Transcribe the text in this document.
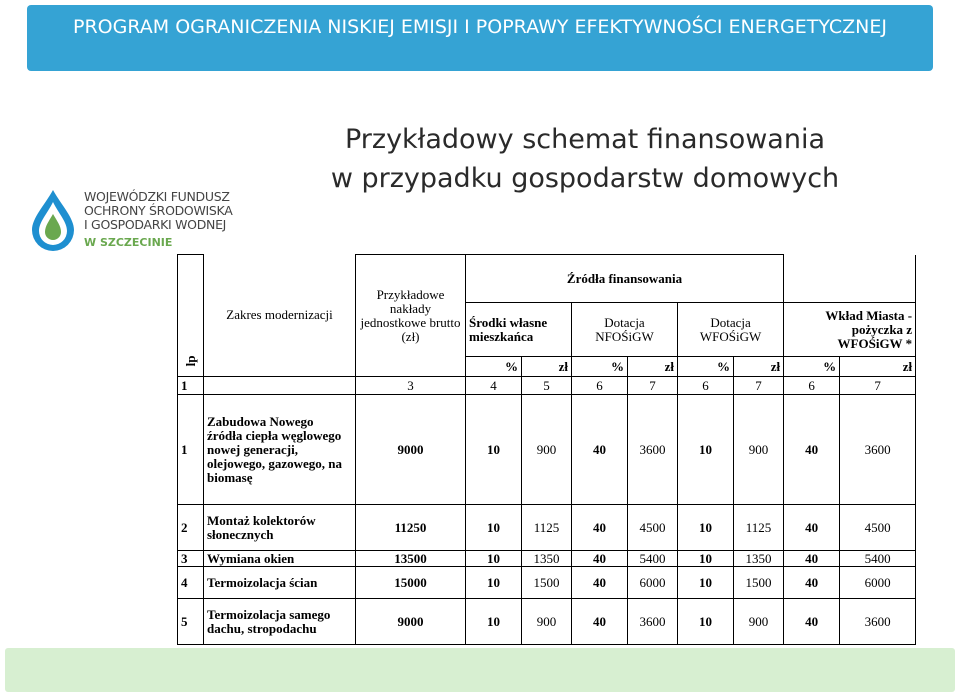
PROGRAM OGRANICZENIA NISKIEJ EMISJI I POPRAWY EFEKTYWNOŚCI ENERGETYCZNEJ
Przykładowy schemat finansowania
w przypadku gospodarstw domowych
WOJEWÓDZKI FUNDUSZ
OCHRONY ŚRODOWISKA
I GOSPODARKI WODNEJ
W SZCZECINIE
lp	Zakres modernizacji	Przykładowe nakłady jednostkowe brutto (zł)	Źródła finansowania							
			Środki własne mieszkańca		Dotacja NFOŚiGW		Dotacja WFOŚiGW		Wkład Miasta - pożyczka z WFOŚiGW *	
			%	zł	%	zł	%	zł	%	zł
1		3	4	5	6	7	6	7	6	7
1	Zabudowa Nowego źródła ciepła węglowego nowej generacji, olejowego, gazowego, na biomasę	9000	10	900	40	3600	10	900	40	3600
2	Montaż kolektorów słonecznych	11250	10	1125	40	4500	10	1125	40	4500
3	Wymiana okien	13500	10	1350	40	5400	10	1350	40	5400
4	Termoizolacja ścian	15000	10	1500	40	6000	10	1500	40	6000
5	Termoizolacja samego dachu, stropodachu	9000	10	900	40	3600	10	900	40	3600
